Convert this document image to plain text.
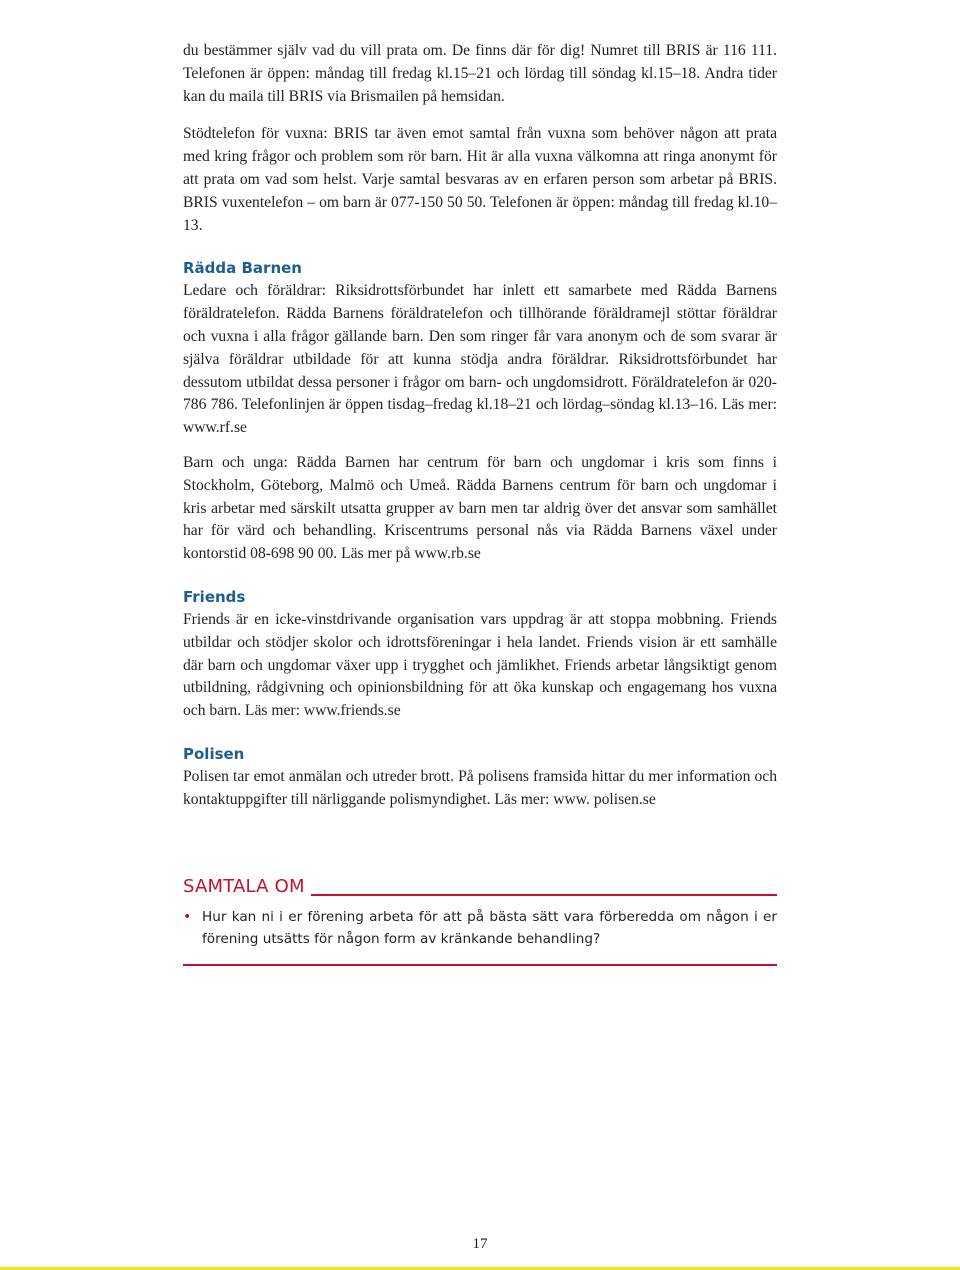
du bestämmer själv vad du vill prata om. De finns där för dig! Numret till BRIS är 116 111. Telefonen är öppen: måndag till fredag kl.15–21 och lördag till söndag kl.15–18. Andra tider kan du maila till BRIS via Brismailen på hemsidan.

Stödtelefon för vuxna: BRIS tar även emot samtal från vuxna som behöver någon att prata med kring frågor och problem som rör barn. Hit är alla vuxna välkomna att ringa anonymt för att prata om vad som helst. Varje samtal besvaras av en erfaren person som arbetar på BRIS. BRIS vuxentelefon – om barn är 077-150 50 50. Telefonen är öppen: måndag till fredag kl.10–13.

Rädda Barnen

Ledare och föräldrar: Riksidrottsförbundet har inlett ett samarbete med Rädda Barnens föräldratelefon. Rädda Barnens föräldratelefon och tillhörande föräldramejl stöttar föräldrar och vuxna i alla frågor gällande barn. Den som ringer får vara anonym och de som svarar är själva föräldrar utbildade för att kunna stödja andra föräldrar. Riksidrottsförbundet har dessutom utbildat dessa personer i frågor om barn- och ungdomsidrott. Föräldratelefon är 020-786 786. Telefonlinjen är öppen tisdag–fredag kl.18–21 och lördag–söndag kl.13–16. Läs mer: www.rf.se

Barn och unga: Rädda Barnen har centrum för barn och ungdomar i kris som finns i Stockholm, Göteborg, Malmö och Umeå. Rädda Barnens centrum för barn och ungdomar i kris arbetar med särskilt utsatta grupper av barn men tar aldrig över det ansvar som samhället har för värd och behandling. Kriscentrums personal nås via Rädda Barnens växel under kontorstid 08-698 90 00. Läs mer på www.rb.se

Friends

Friends är en icke-vinstdrivande organisation vars uppdrag är att stoppa mobbning. Friends utbildar och stödjer skolor och idrottsföreningar i hela landet. Friends vision är ett samhälle där barn och ungdomar växer upp i trygghet och jämlikhet. Friends arbetar långsiktigt genom utbildning, rådgivning och opinionsbildning för att öka kunskap och engagemang hos vuxna och barn. Läs mer: www.friends.se

Polisen

Polisen tar emot anmälan och utreder brott. På polisens framsida hittar du mer information och kontaktuppgifter till närliggande polismyndighet. Läs mer: www. polisen.se

SAMTALA OM
• Hur kan ni i er förening arbeta för att på bästa sätt vara förberedda om någon i er förening utsätts för någon form av kränkande behandling?
17
